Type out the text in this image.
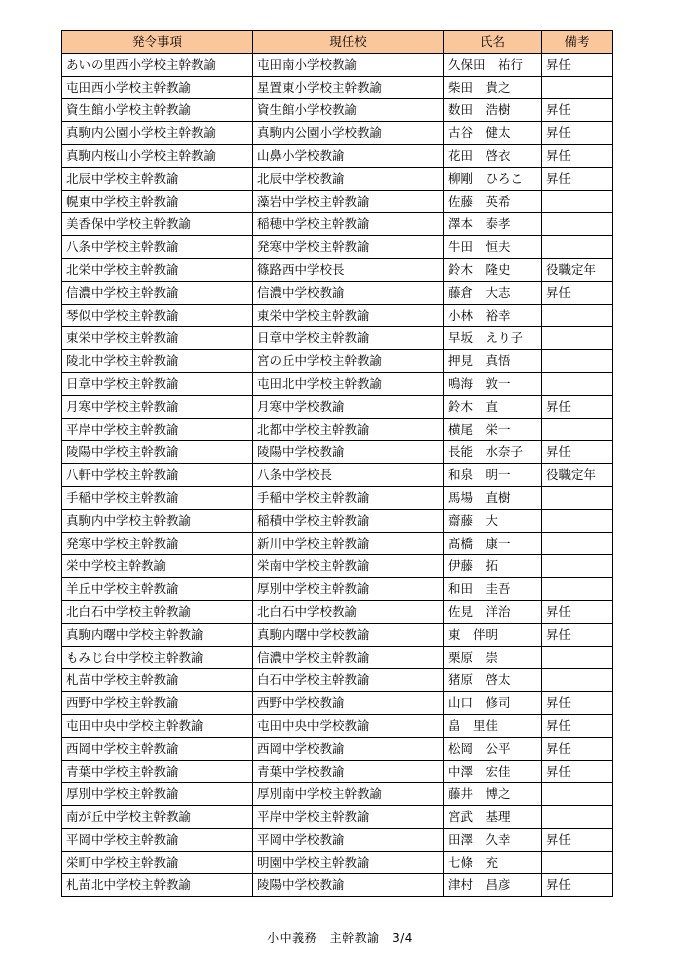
発令事項	現任校	氏名	備考
あいの里西小学校主幹教諭	屯田南小学校教諭	久保田　祐行	昇任
屯田西小学校主幹教諭	星置東小学校主幹教諭	柴田　貴之	
資生館小学校主幹教諭	資生館小学校教諭	数田　浩樹	昇任
真駒内公園小学校主幹教諭	真駒内公園小学校教諭	古谷　健太	昇任
真駒内桜山小学校主幹教諭	山鼻小学校教諭	花田　啓衣	昇任
北辰中学校主幹教諭	北辰中学校教諭	柳剛　ひろこ	昇任
幌東中学校主幹教諭	藻岩中学校主幹教諭	佐藤　英希	
美香保中学校主幹教諭	稲穂中学校主幹教諭	澤本　泰孝	
八条中学校主幹教諭	発寒中学校主幹教諭	牛田　恒夫	
北栄中学校主幹教諭	篠路西中学校長	鈴木　隆史	役職定年
信濃中学校主幹教諭	信濃中学校教諭	藤倉　大志	昇任
琴似中学校主幹教諭	東栄中学校主幹教諭	小林　裕幸	
東栄中学校主幹教諭	日章中学校主幹教諭	早坂　えり子	
陵北中学校主幹教諭	宮の丘中学校主幹教諭	押見　真悟	
日章中学校主幹教諭	屯田北中学校主幹教諭	鳴海　敦一	
月寒中学校主幹教諭	月寒中学校教諭	鈴木　直	昇任
平岸中学校主幹教諭	北都中学校主幹教諭	横尾　栄一	
陵陽中学校主幹教諭	陵陽中学校教諭	長能　水奈子	昇任
八軒中学校主幹教諭	八条中学校長	和泉　明一	役職定年
手稲中学校主幹教諭	手稲中学校主幹教諭	馬場　直樹	
真駒内中学校主幹教諭	稲積中学校主幹教諭	齋藤　大	
発寒中学校主幹教諭	新川中学校主幹教諭	髙橋　康一	
栄中学校主幹教諭	栄南中学校主幹教諭	伊藤　拓	
羊丘中学校主幹教諭	厚別中学校主幹教諭	和田　圭吾	
北白石中学校主幹教諭	北白石中学校教諭	佐見　洋治	昇任
真駒内曙中学校主幹教諭	真駒内曙中学校教諭	東　伴明	昇任
もみじ台中学校主幹教諭	信濃中学校主幹教諭	栗原　崇	
札苗中学校主幹教諭	白石中学校主幹教諭	猪原　啓太	
西野中学校主幹教諭	西野中学校教諭	山口　修司	昇任
屯田中央中学校主幹教諭	屯田中央中学校教諭	畠　里佳	昇任
西岡中学校主幹教諭	西岡中学校教諭	松岡　公平	昇任
青葉中学校主幹教諭	青葉中学校教諭	中澤　宏佳	昇任
厚別中学校主幹教諭	厚別南中学校主幹教諭	藤井　博之	
南が丘中学校主幹教諭	平岸中学校主幹教諭	宮武　基理	
平岡中学校主幹教諭	平岡中学校教諭	田澤　久幸	昇任
栄町中学校主幹教諭	明園中学校主幹教諭	七條　充	
札苗北中学校主幹教諭	陵陽中学校教諭	津村　昌彦	昇任
小中義務　主幹教諭　3/4
